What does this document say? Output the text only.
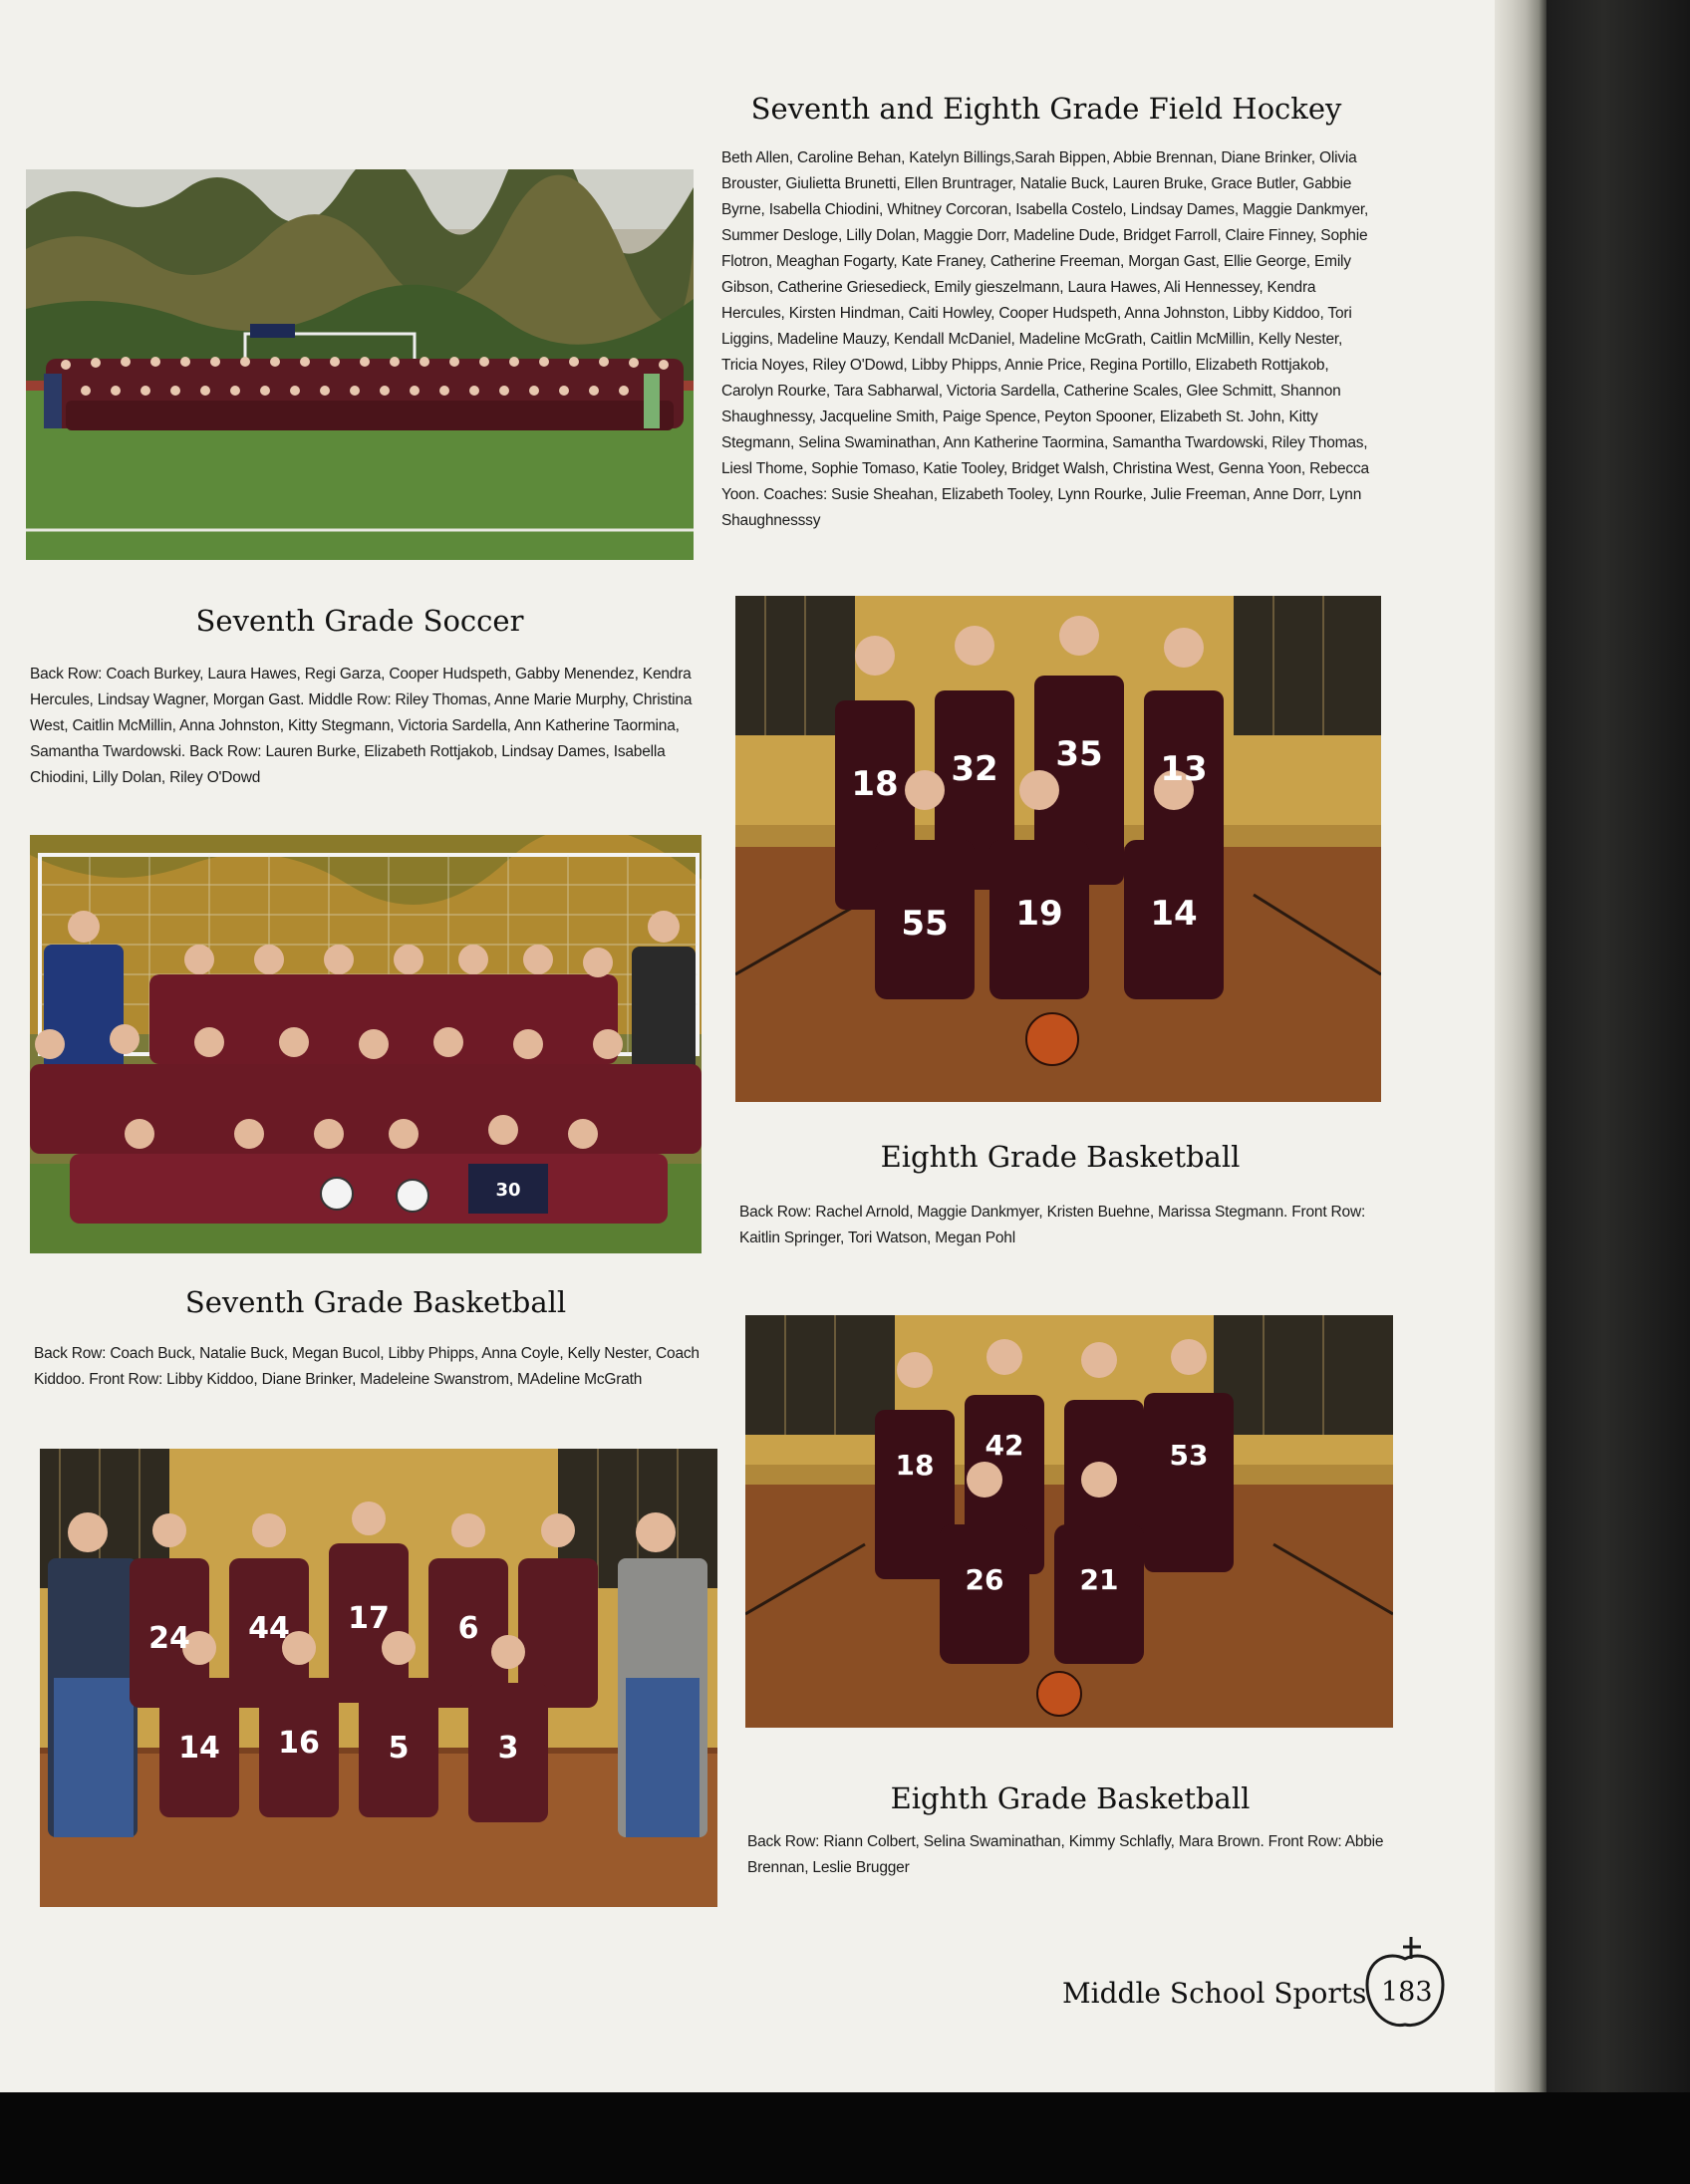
Seventh and Eighth Grade Field Hockey
Beth Allen, Caroline Behan, Katelyn Billings,Sarah Bippen, Abbie Brennan, Diane Brinker, Olivia Brouster, Giulietta Brunetti, Ellen Bruntrager, Natalie Buck, Lauren Bruke, Grace Butler, Gabbie Byrne, Isabella Chiodini, Whitney Corcoran, Isabella Costelo, Lindsay Dames, Maggie Dankmyer, Summer Desloge, Lilly Dolan, Maggie Dorr, Madeline Dude, Bridget Farroll, Claire Finney, Sophie Flotron, Meaghan Fogarty, Kate Franey, Catherine Freeman, Morgan Gast, Ellie George, Emily Gibson, Catherine Griesedieck, Emily gieszelmann, Laura Hawes, Ali Hennessey, Kendra Hercules, Kirsten Hindman, Caiti Howley, Cooper Hudspeth, Anna Johnston, Libby Kiddoo, Tori Liggins, Madeline Mauzy, Kendall McDaniel, Madeline McGrath, Caitlin McMillin, Kelly Nester, Tricia Noyes, Riley O'Dowd, Libby Phipps, Annie Price, Regina Portillo, Elizabeth Rottjakob, Carolyn Rourke, Tara Sabharwal, Victoria Sardella, Catherine Scales, Glee Schmitt, Shannon Shaughnessy, Jacqueline Smith, Paige Spence, Peyton Spooner, Elizabeth St. John, Kitty Stegmann, Selina Swaminathan, Ann Katherine Taormina, Samantha Twardowski, Riley Thomas, Liesl Thome, Sophie Tomaso, Katie Tooley, Bridget Walsh, Christina West, Genna Yoon, Rebecca Yoon. Coaches: Susie Sheahan, Elizabeth Tooley, Lynn Rourke, Julie Freeman, Anne Dorr, Lynn Shaughnesssy
Seventh Grade Soccer
Back Row: Coach Burkey, Laura Hawes, Regi Garza, Cooper Hudspeth, Gabby Menendez, Kendra Hercules, Lindsay Wagner, Morgan Gast. Middle Row: Riley Thomas, Anne Marie Murphy, Christina West, Caitlin McMillin, Anna Johnston, Kitty Stegmann, Victoria Sardella, Ann Katherine Taormina, Samantha Twardowski. Back Row: Lauren Burke, Elizabeth Rottjakob, Lindsay Dames, Isabella Chiodini, Lilly Dolan, Riley O'Dowd
30
Seventh Grade Basketball
Back Row: Coach Buck, Natalie Buck, Megan Bucol, Libby Phipps, Anna Coyle, Kelly Nester, Coach Kiddoo. Front Row: Libby Kiddoo, Diane Brinker, Madeleine Swanstrom, MAdeline McGrath
24 44 17 6
14 16 5	3
18 32 35 13
55 19	14
Eighth Grade Basketball
Back Row: Rachel Arnold, Maggie Dankmyer, Kristen Buehne, Marissa Stegmann. Front Row: Kaitlin Springer, Tori Watson, Megan Pohl
18
42	53
26	21
Eighth Grade Basketball
Back Row: Riann Colbert, Selina Swaminathan, Kimmy Schlafly, Mara Brown. Front Row: Abbie Brennan, Leslie Brugger
Middle School Sports 183
